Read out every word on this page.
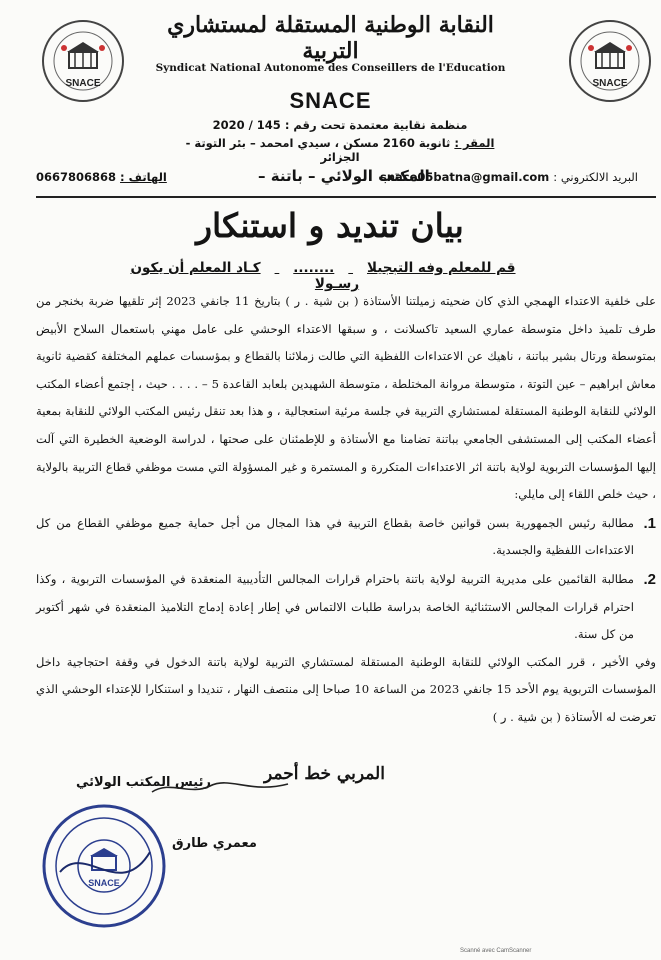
SNACE	SNACE
النقابة الوطنية المستقلة لمستشاري التربية
Syndicat National Autonome des Conseillers de l'Education
SNACE
منظمة نقابية معتمدة تحت رقم : 145 / 2020
المقر : ثانوية 2160 مسكن ، سيدي امحمد – بئر التوتة - الجزائر
البريد الالكتروني : snace05batna@gmail.com
المكتب الولائي – باتنة –
الهاتف : 0667806868
بيان تنديد و استنكار
قم للمعلم وفه التبجيلا ........ كـاد المعلم أن يكون رسـولا

على خلفية الاعتداء الهمجي الذي كان ضحيته زميلتنا الأستاذة ( بن شية . ر ) بتاريخ 11 جانفي 2023 إثر تلقيها ضربة بخنجر من طرف تلميذ داخل متوسطة عماري السعيد تاكسلانت ، و سبقها الاعتداء الوحشي على عامل مهني باستعمال السلاح الأبيض بمتوسطة ورتال بشير بباتنة ، ناهيك عن الاعتداءات اللفظية التي طالت زملائنا بالقطاع و بمؤسسات عملهم المختلفة كقضية ثانوية معاش ابراهيم – عين التوتة ، متوسطة مروانة المختلطة ، متوسطة الشهيدين بلعابد القاعدة 5 – . . . . حيث ، إجتمع أعضاء المكتب الولائي للنقابة الوطنية المستقلة لمستشاري التربية في جلسة مرئية استعجالية ، و هذا بعد تنقل رئيس المكتب الولائي للنقابة بمعية أعضاء المكتب إلى المستشفى الجامعي بباتنة تضامنا مع الأستاذة و للإطمئنان على صحتها ، لدراسة الوضعية الخطيرة التي آلت إليها المؤسسات التربوية لولاية باتنة اثر الاعتداءات المتكررة و المستمرة و غير المسؤولة التي مست موظفي قطاع التربية بالولاية ، حيث خلص اللقاء إلى مايلي:

1.
مطالبة رئيس الجمهورية بسن قوانين خاصة بقطاع التربية في هذا المجال من أجل حماية جميع موظفي القطاع من كل الاعتداءات اللفظية والجسدية.
2.
مطالبة القائمين على مديرية التربية لولاية باتنة باحترام قرارات المجالس التأديبية المنعقدة في المؤسسات التربوية ، وكذا احترام قرارات المجالس الاستثنائية الخاصة بدراسة طلبات الالتماس في إطار إعادة إدماج التلاميذ المنعقدة في شهر أكتوبر من كل سنة.

وفي الأخير ، قرر المكتب الولائي للنقابة الوطنية المستقلة لمستشاري التربية لولاية باتنة الدخول في وقفة احتجاجية داخل المؤسسات التربوية يوم الأحد 15 جانفي 2023 من الساعة 10 صباحا إلى منتصف النهار ، تنديدا و استنكارا للإعتداء الوحشي الذي تعرضت له الأستاذة ( بن شية . ر )

رئيس المكتب الولائي
معمري طارق
المربي خط أحمر
SNACE
Scanné avec CamScanner
